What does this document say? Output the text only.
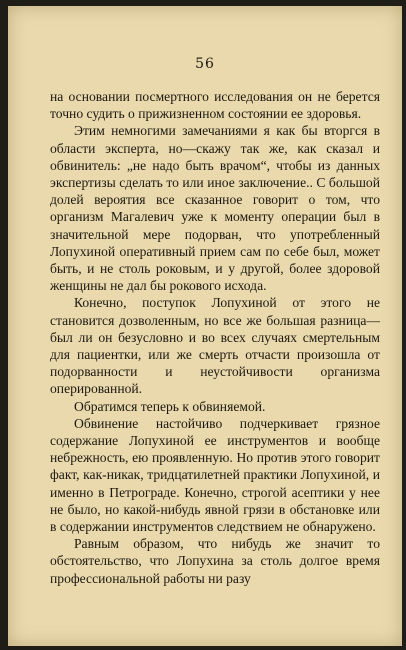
56

на основании посмертного исследования он не берется точно судить о прижизненном состоянии ее здоровья.

Этим немногими замечаниями я как бы вторгся в области эксперта, но—скажу так же, как сказал и обвинитель: „не надо быть врачом“, чтобы из данных экспертизы сделать то или иное заключение.. С большой долей вероятия все сказанное говорит о том, что организм Магалевич уже к моменту операции был в значительной мере подорван, что употребленный Лопухиной оперативный прием сам по себе был, может быть, и не столь роковым, и у другой, более здоровой женщины не дал бы рокового исхода.

Конечно, поступок Лопухиной от этого не становится дозволенным, но все же большая разница—был ли он безусловно и во всех случаях смертельным для пациентки, или же смерть отчасти произошла от подорванности и неустойчивости организма оперированной.

Обратимся теперь к обвиняемой.

Обвинение настойчиво подчеркивает грязное содержание Лопухиной ее инструментов и вообще небрежность, ею проявленную. Но против этого говорит факт, как-никак, тридцатилетней практики Лопухиной, и именно в Петрограде. Конечно, строгой асептики у нее не было, но какой-нибудь явной грязи в обстановке или в содержании инструментов следствием не обнаружено.

Равным образом, что нибудь же значит то обстоятельство, что Лопухина за столь долгое время профессиональной работы ни разу
